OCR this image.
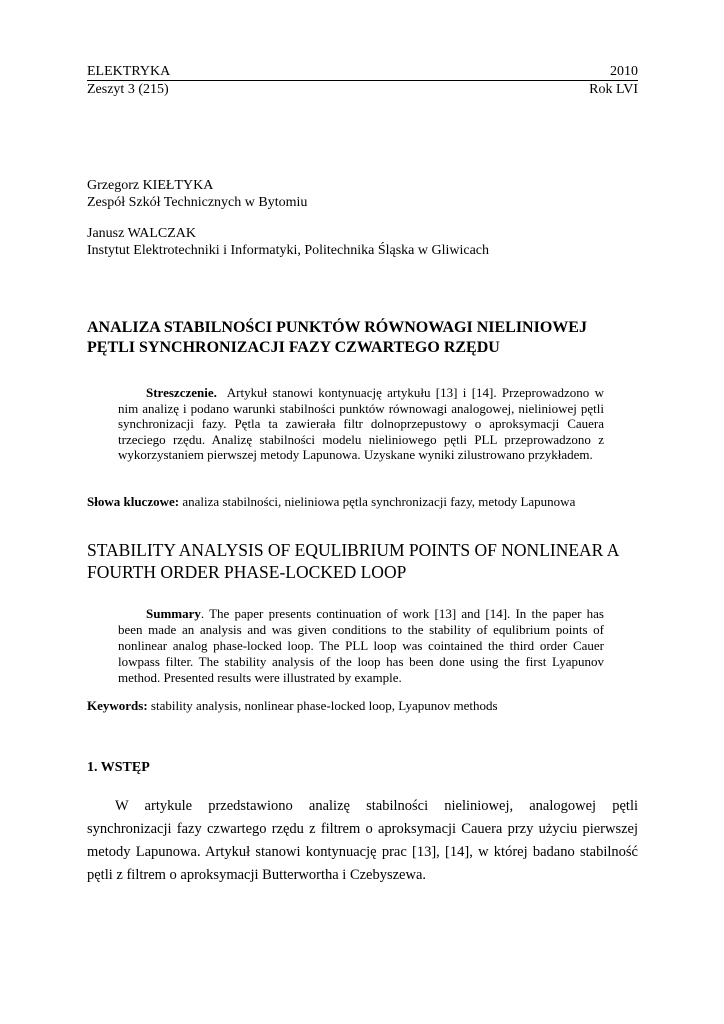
ELEKTRYKA	2010
Zeszyt 3 (215)	Rok LVI
Grzegorz KIEŁTYKA
Zespół Szkół Technicznych w Bytomiu
Janusz WALCZAK
Instytut Elektrotechniki i Informatyki, Politechnika Śląska w Gliwicach
ANALIZA STABILNOŚCI PUNKTÓW RÓWNOWAGI NIELINIOWEJ
PĘTLI SYNCHRONIZACJI FAZY CZWARTEGO RZĘDU
Streszczenie. Artykuł stanowi kontynuację artykułu [13] i [14]. Przeprowadzono w nim analizę i podano warunki stabilności punktów równowagi analogowej, nieliniowej pętli synchronizacji fazy. Pętla ta zawierała filtr dolnoprzepustowy o aproksymacji Cauera trzeciego rzędu. Analizę stabilności modelu nieliniowego pętli PLL przeprowadzono z wykorzystaniem pierwszej metody Lapunowa. Uzyskane wyniki zilustrowano przykładem.
Słowa kluczowe: analiza stabilności, nieliniowa pętla synchronizacji fazy, metody Lapunowa
STABILITY ANALYSIS OF EQULIBRIUM POINTS OF NONLINEAR A
FOURTH ORDER PHASE-LOCKED LOOP
Summary. The paper presents continuation of work [13] and [14]. In the paper has been made an analysis and was given conditions to the stability of equlibrium points of nonlinear analog phase-locked loop. The PLL loop was cointained the third order Cauer lowpass filter. The stability analysis of the loop has been done using the first Lyapunov method. Presented results were illustrated by example.
Keywords: stability analysis, nonlinear phase-locked loop, Lyapunov methods
1. WSTĘP
W artykule przedstawiono analizę stabilności nieliniowej, analogowej pętli synchronizacji fazy czwartego rzędu z filtrem o aproksymacji Cauera przy użyciu pierwszej metody Lapunowa. Artykuł stanowi kontynuację prac [13], [14], w której badano stabilność pętli z filtrem o aproksymacji Butterwortha i Czebyszewa.
